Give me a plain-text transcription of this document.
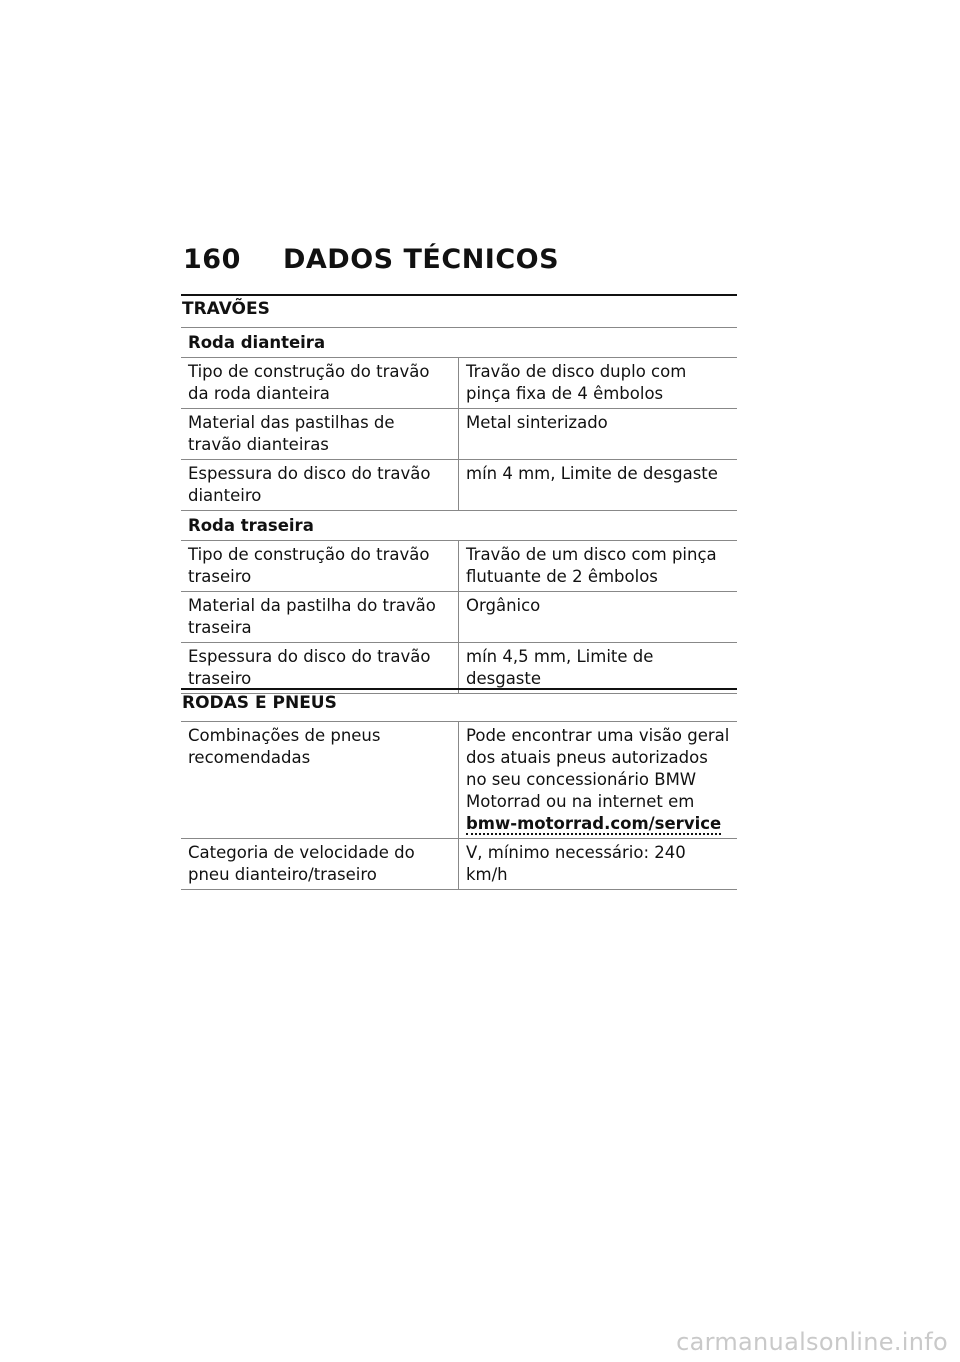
160	DADOS TÉCNICOS
TRAVÕES
Roda dianteira	
Tipo de construção do travão da roda dianteira	Travão de disco duplo com pinça fixa de 4 êmbolos
Material das pastilhas de travão dianteiras	Metal sinterizado
Espessura do disco do travão dianteiro	mín 4 mm, Limite de desgaste
Roda traseira	
Tipo de construção do travão traseiro	Travão de um disco com pinça flutuante de 2 êmbolos
Material da pastilha do travão traseira	Orgânico
Espessura do disco do travão traseiro	mín 4,5 mm, Limite de desgaste
RODAS E PNEUS
Combinações de pneus recomendadas	Pode encontrar uma visão geral dos atuais pneus autorizados no seu concessionário BMW Motorrad ou na internet em
bmw-motorrad.com/service
Categoria de velocidade do pneu dianteiro/traseiro	V, mínimo necessário: 240 km/h
carmanualsonline.info
